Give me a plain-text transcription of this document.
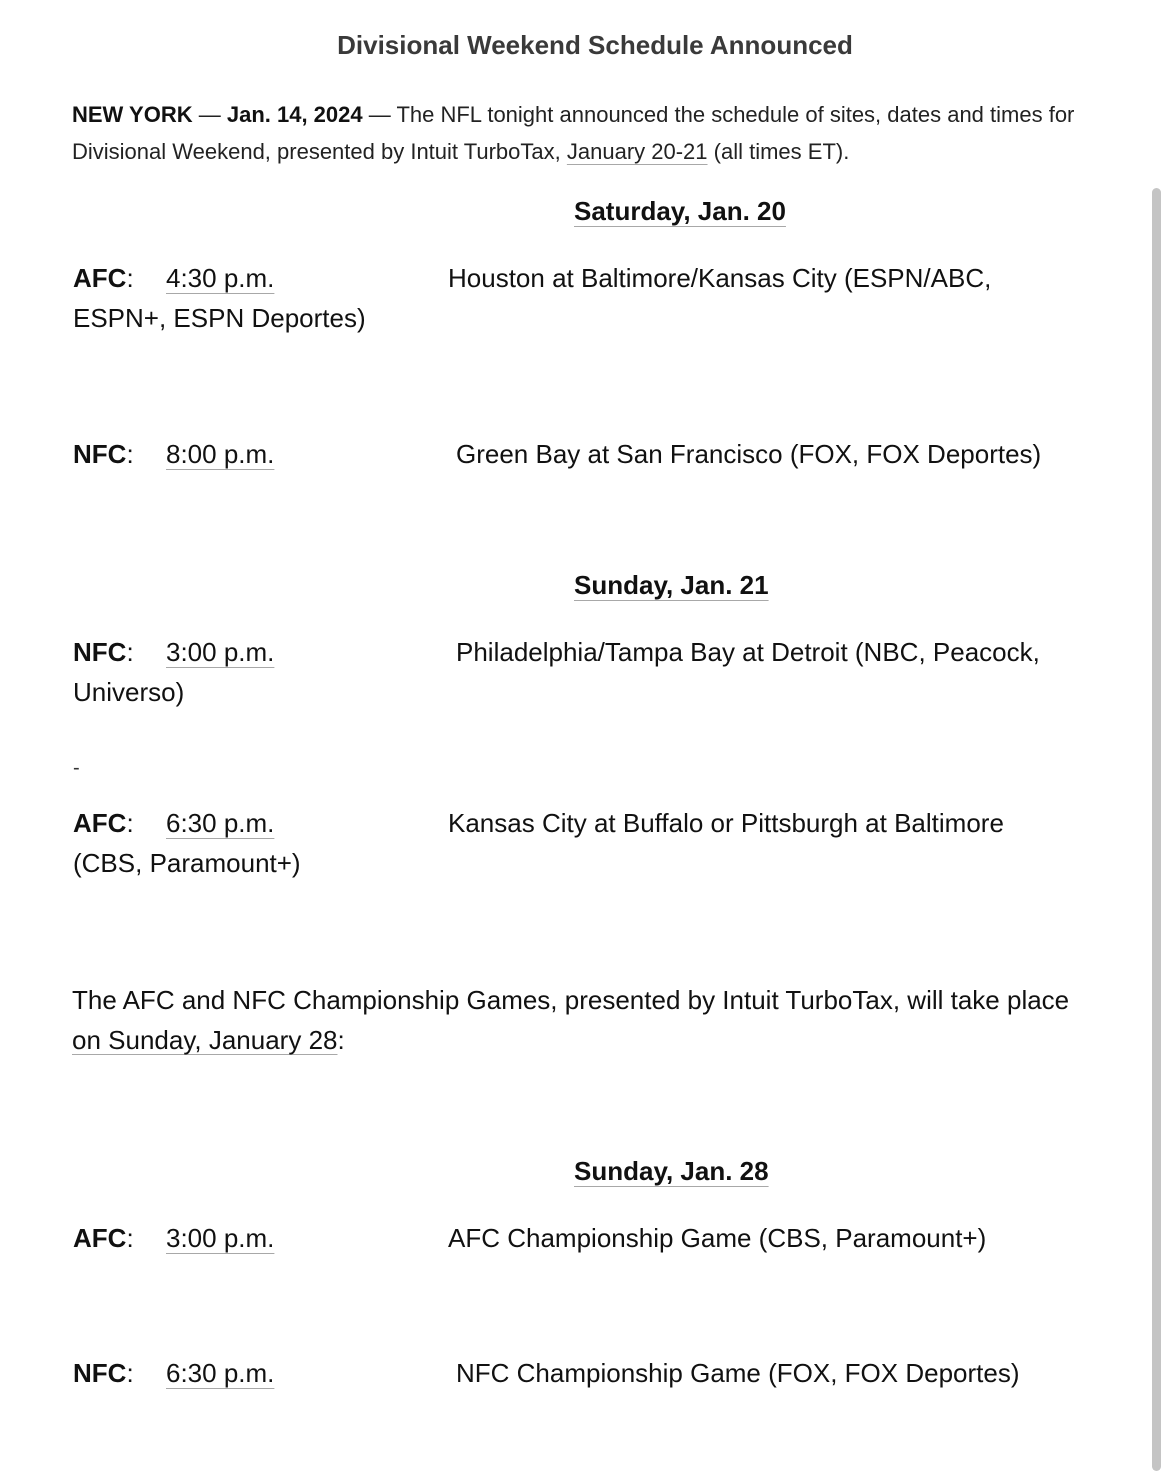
Divisional Weekend Schedule Announced
NEW YORK — Jan. 14, 2024 — The NFL tonight announced the schedule of sites, dates and times for Divisional Weekend, presented by Intuit TurboTax, January 20-21 (all times ET).
Saturday, Jan. 20
AFC: 4:30 p.m.	Houston at Baltimore/Kansas City (ESPN/ABC,
ESPN+, ESPN Deportes)
NFC: 8:00 p.m.	Green Bay at San Francisco (FOX, FOX Deportes)
Sunday, Jan. 21
NFC: 3:00 p.m.	Philadelphia/Tampa Bay at Detroit (NBC, Peacock,
Universo)
-
AFC: 6:30 p.m.	Kansas City at Buffalo or Pittsburgh at Baltimore
(CBS, Paramount+)
The AFC and NFC Championship Games, presented by Intuit TurboTax, will take place on Sunday, January 28:
Sunday, Jan. 28
AFC: 3:00 p.m.	AFC Championship Game (CBS, Paramount+)
NFC: 6:30 p.m.	NFC Championship Game (FOX, FOX Deportes)
